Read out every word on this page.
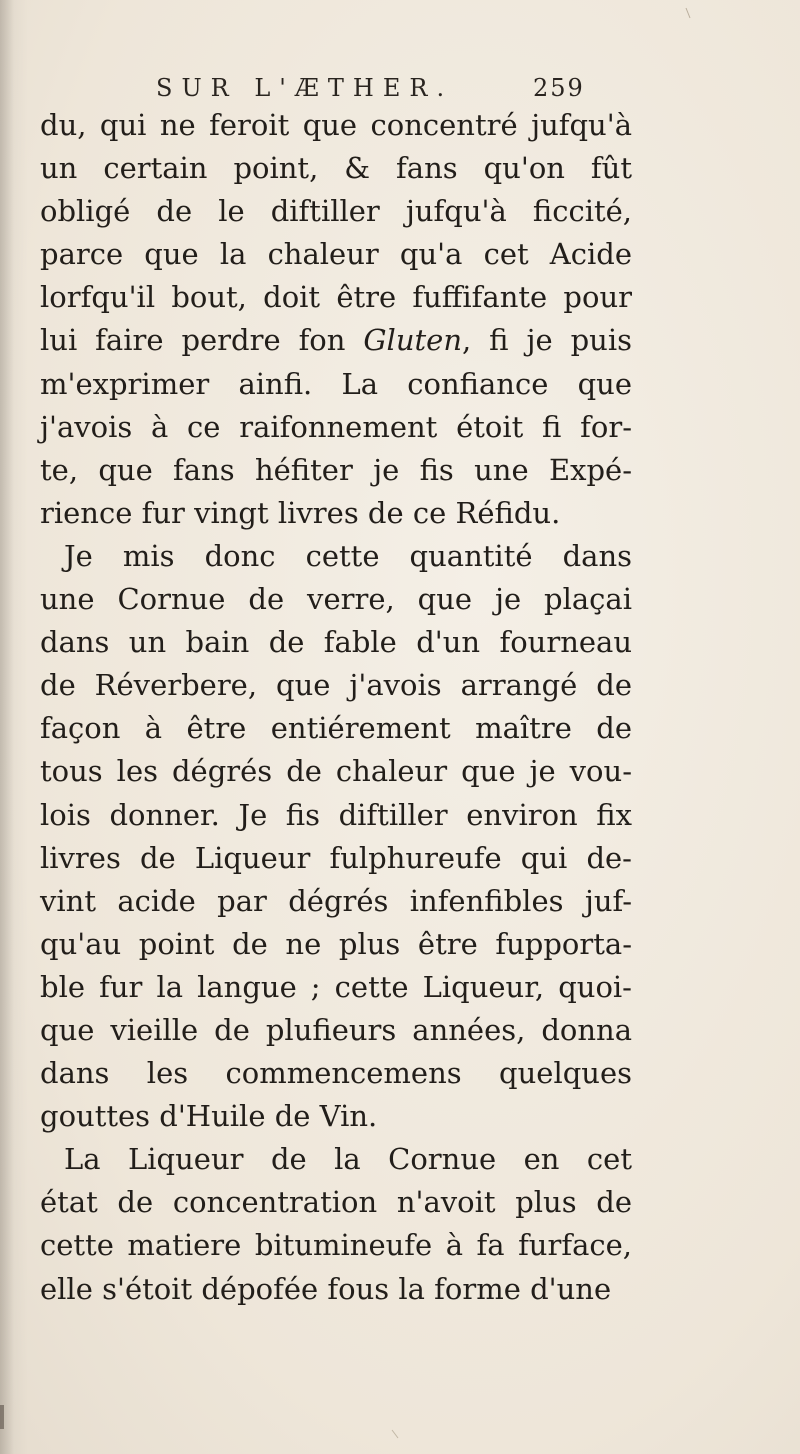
SUR L'ÆTHER.	259
du, qui ne feroit que concentré jufqu'à
un certain point, & fans qu'on fût
obligé de le diftiller jufqu'à ficcité,
parce que la chaleur qu'a cet Acide
lorfqu'il bout, doit être fuffifante pour
lui faire perdre fon Gluten, fi je puis
m'exprimer ainfi. La confiance que
j'avois à ce raifonnement étoit fi for-
te, que fans héfiter je fis une Expé-
rience fur vingt livres de ce Réfidu.
Je mis donc cette quantité dans
une Cornue de verre, que je plaçai
dans un bain de fable d'un fourneau
de Réverbere, que j'avois arrangé de
façon à être entiérement maître de
tous les dégrés de chaleur que je vou-
lois donner. Je fis diftiller environ fix
livres de Liqueur fulphureufe qui de-
vint acide par dégrés infenfibles juf-
qu'au point de ne plus être fupporta-
ble fur la langue ; cette Liqueur, quoi-
que vieille de plufieurs années, donna
dans les commencemens quelques
gouttes d'Huile de Vin.
La Liqueur de la Cornue en cet
état de concentration n'avoit plus de
cette matiere bitumineufe à fa furface,
elle s'étoit dépofée fous la forme d'une
